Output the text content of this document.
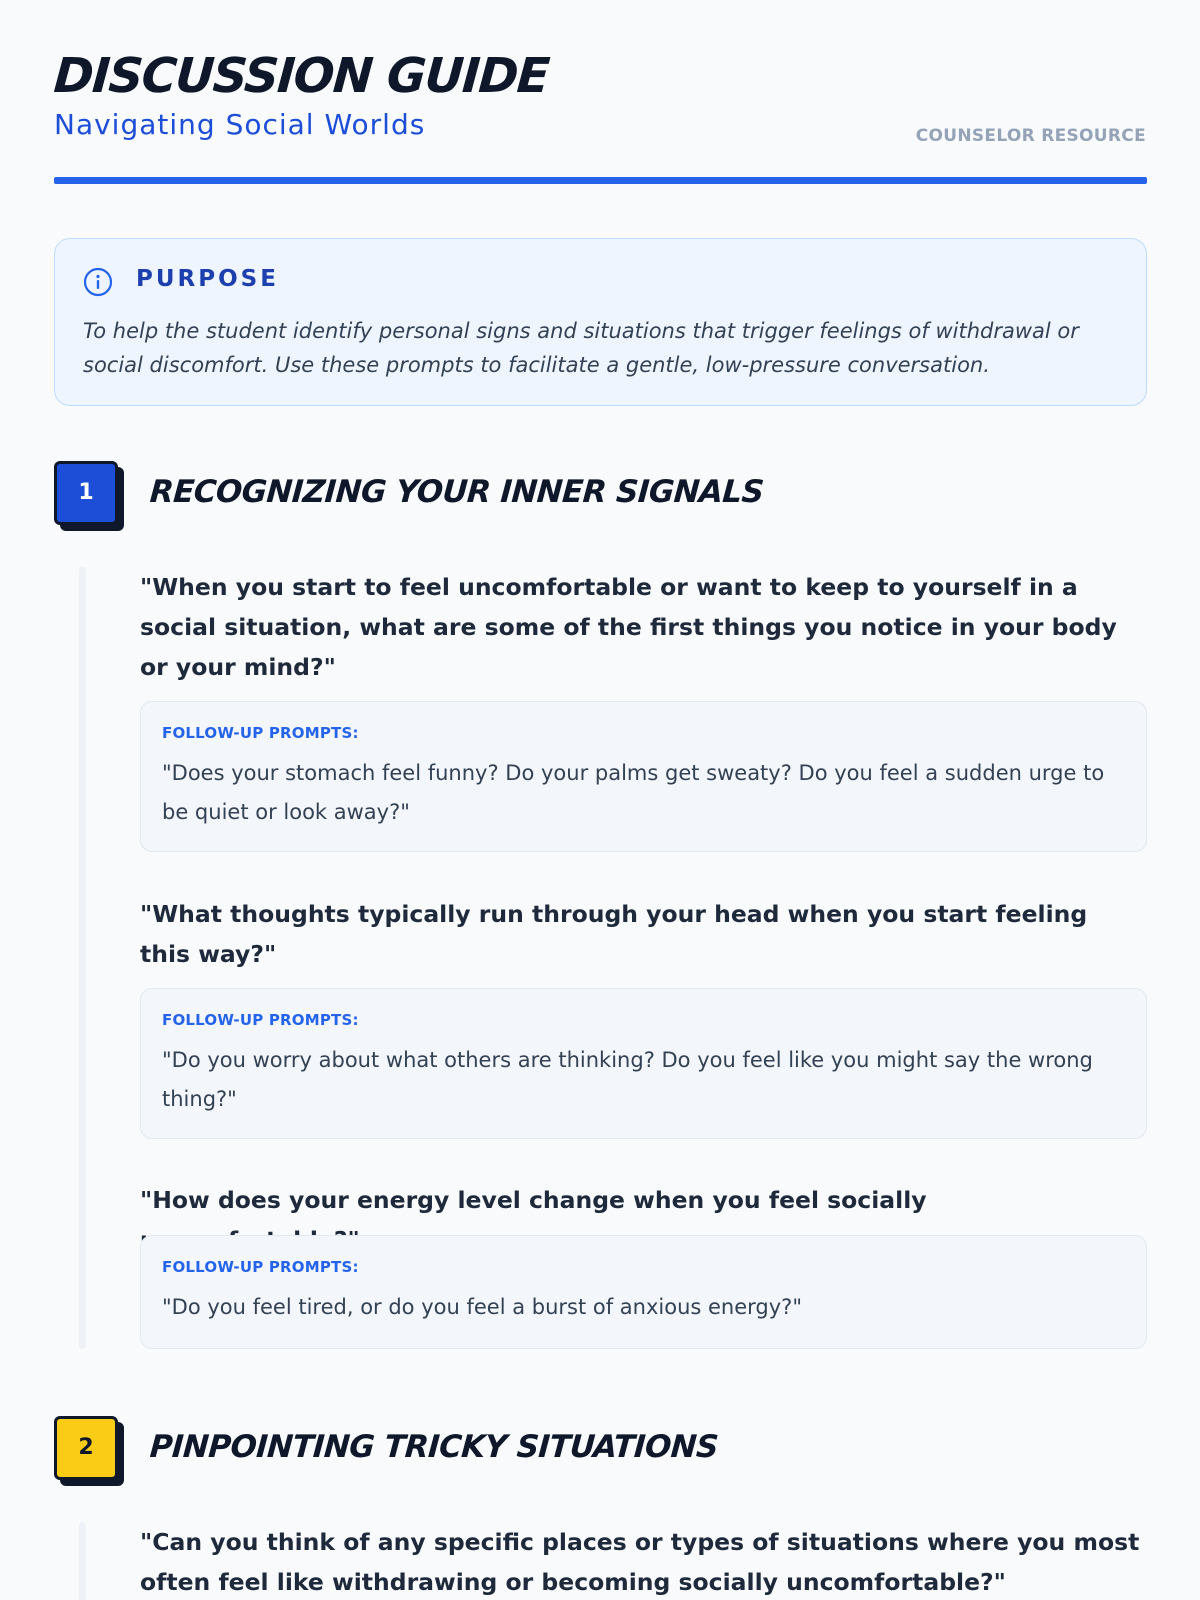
DISCUSSION GUIDE
Navigating Social Worlds	COUNSELOR RESOURCE
PURPOSE
To help the student identify personal signs and situations that trigger feelings of withdrawal or social discomfort. Use these prompts to facilitate a gentle, low-pressure conversation.
1	RECOGNIZING YOUR INNER SIGNALS
"When you start to feel uncomfortable or want to keep to yourself in a social situation, what are some of the first things you notice in your body or your mind?"
FOLLOW-UP PROMPTS:
"Does your stomach feel funny? Do your palms get sweaty? Do you feel a sudden urge to be quiet or look away?"
"What thoughts typically run through your head when you start feeling this way?"
FOLLOW-UP PROMPTS:
"Do you worry about what others are thinking? Do you feel like you might say the wrong thing?"
"How does your energy level change when you feel socially
FOLLOW-UP PROMPTS:
"Do you feel tired, or do you feel a burst of anxious energy?"
2	PINPOINTING TRICKY SITUATIONS
"Can you think of any specific places or types of situations where you most often feel like withdrawing or becoming socially uncomfortable?"
